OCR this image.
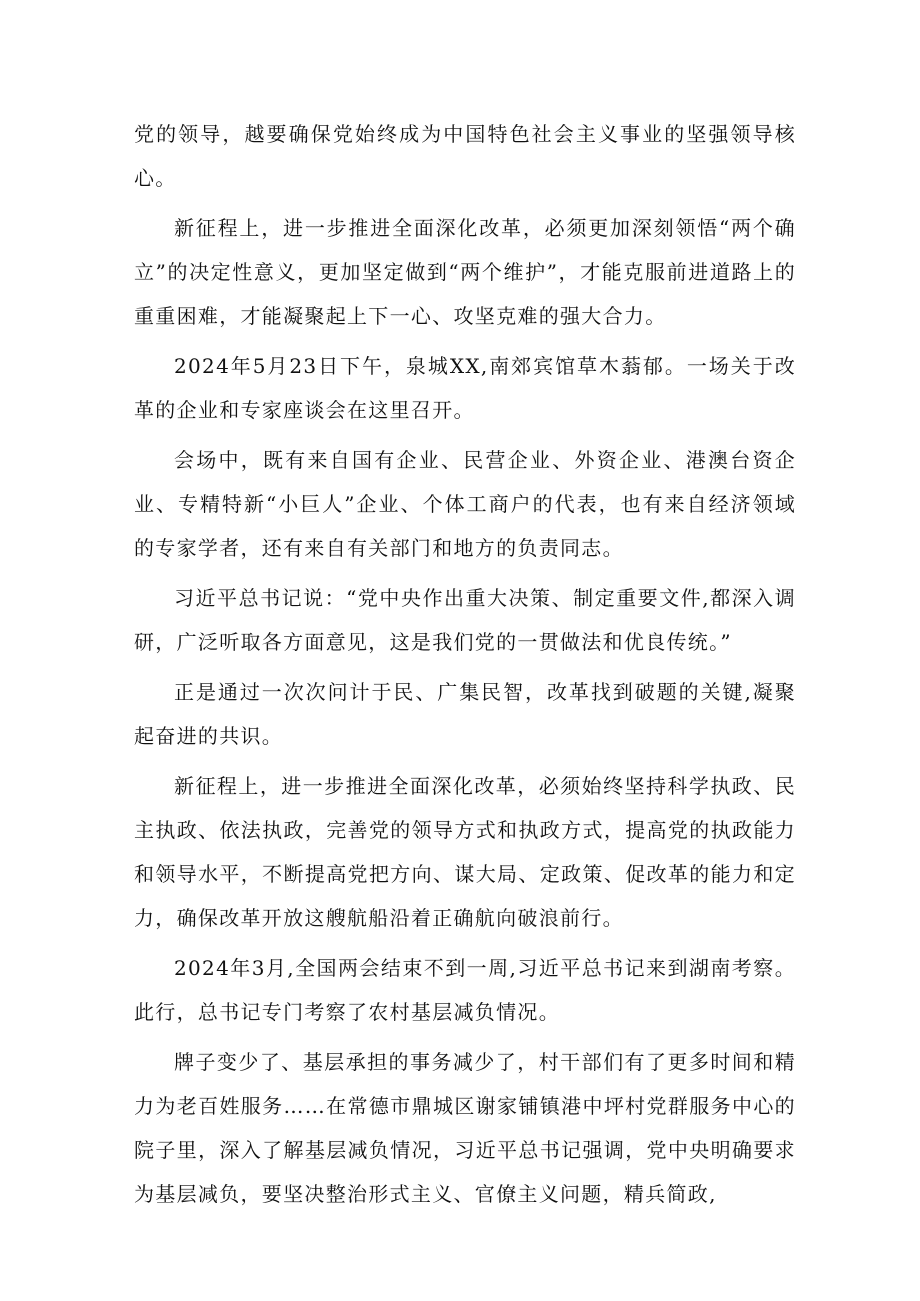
党的领导，越要确保党始终成为中国特色社会主义事业的坚强领导核心。

新征程上，进一步推进全面深化改革，必须更加深刻领悟“两个确立”的决定性意义，更加坚定做到“两个维护”，才能克服前进道路上的重重困难，才能凝聚起上下一心、攻坚克难的强大合力。

2024年5月23日下午，泉城XX,南郊宾馆草木蓊郁。一场关于改革的企业和专家座谈会在这里召开。

会场中，既有来自国有企业、民营企业、外资企业、港澳台资企业、专精特新“小巨人”企业、个体工商户的代表，也有来自经济领域的专家学者，还有来自有关部门和地方的负责同志。

习近平总书记说：“党中央作出重大决策、制定重要文件,都深入调研，广泛听取各方面意见，这是我们党的一贯做法和优良传统。”

正是通过一次次问计于民、广集民智，改革找到破题的关键,凝聚起奋进的共识。

新征程上，进一步推进全面深化改革，必须始终坚持科学执政、民主执政、依法执政，完善党的领导方式和执政方式，提高党的执政能力和领导水平，不断提高党把方向、谋大局、定政策、促改革的能力和定力，确保改革开放这艘航船沿着正确航向破浪前行。

2024年3月,全国两会结束不到一周,习近平总书记来到湖南考察。此行，总书记专门考察了农村基层减负情况。

牌子变少了、基层承担的事务减少了，村干部们有了更多时间和精力为老百姓服务……在常德市鼎城区谢家铺镇港中坪村党群服务中心的院子里，深入了解基层减负情况，习近平总书记强调，党中央明确要求为基层减负，要坚决整治形式主义、官僚主义问题，精兵简政,
